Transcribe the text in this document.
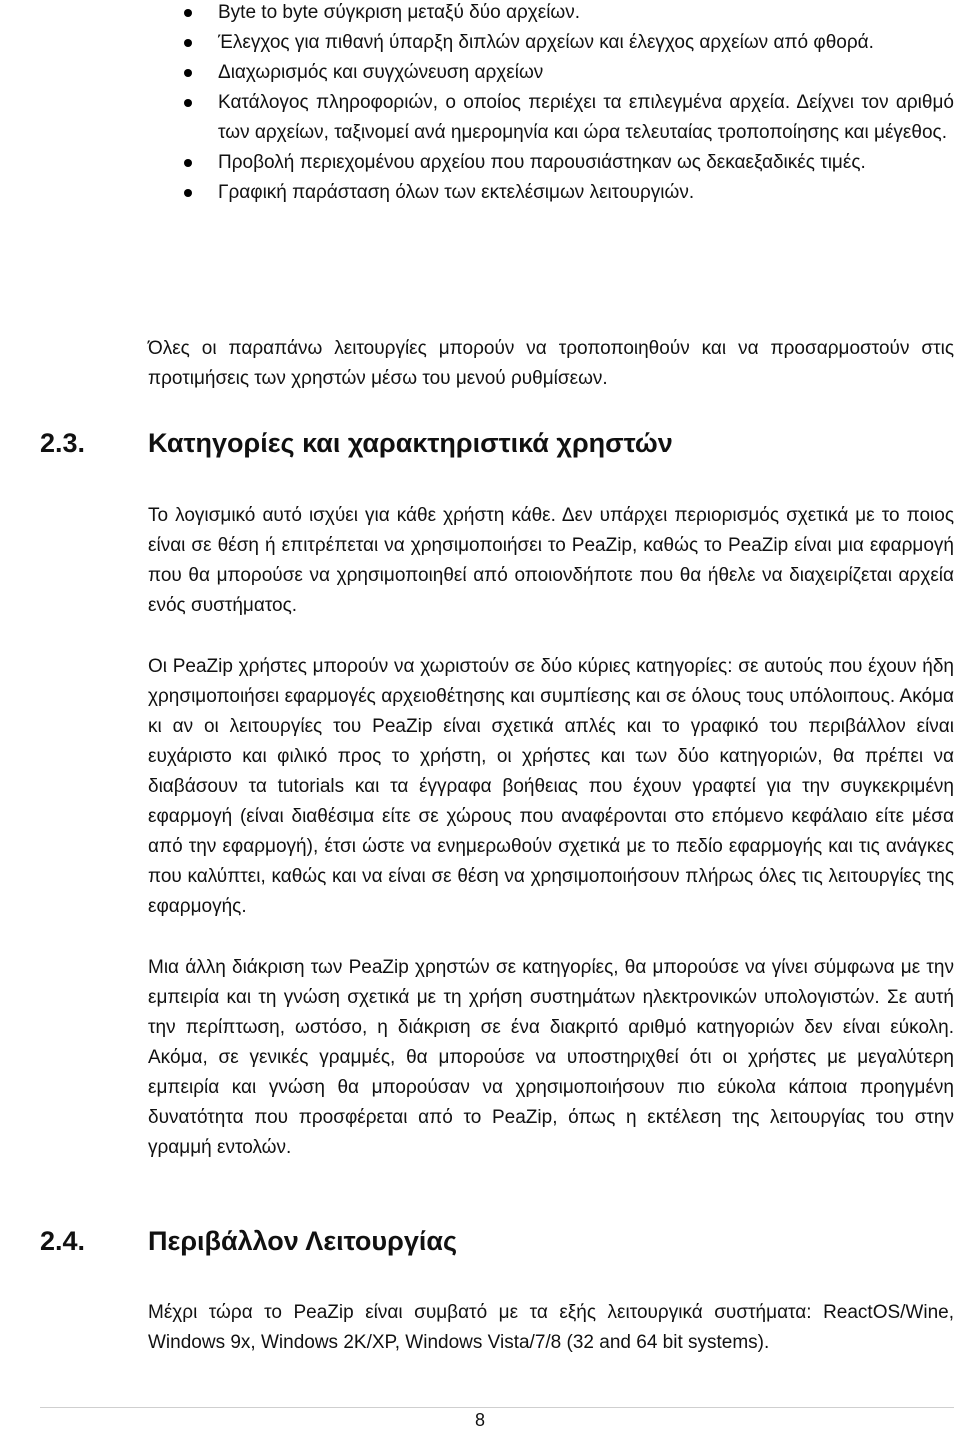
Byte to byte σύγκριση μεταξύ δύο αρχείων.
Έλεγχος για πιθανή ύπαρξη διπλών αρχείων και έλεγχος αρχείων από φθορά.
Διαχωρισμός και συγχώνευση αρχείων
Κατάλογος πληροφοριών, ο οποίος περιέχει τα επιλεγμένα αρχεία. Δείχνει τον αριθμό των αρχείων, ταξινομεί ανά ημερομηνία και ώρα τελευταίας τροποποίησης και μέγεθος.
Προβολή περιεχομένου αρχείου που παρουσιάστηκαν ως δεκαεξαδικές τιμές.
Γραφική παράσταση όλων των εκτελέσιμων λειτουργιών.

Όλες οι παραπάνω λειτουργίες μπορούν να τροποποιηθούν και να προσαρμοστούν στις προτιμήσεις των χρηστών μέσω του μενού ρυθμίσεων.

2.3. Κατηγορίες και χαρακτηριστικά χρηστών

Το λογισμικό αυτό ισχύει για κάθε χρήστη κάθε. Δεν υπάρχει περιορισμός σχετικά με το ποιος είναι σε θέση ή επιτρέπεται να χρησιμοποιήσει το PeaZip, καθώς το PeaZip είναι μια εφαρμογή που θα μπορούσε να χρησιμοποιηθεί από οποιονδήποτε που θα ήθελε να διαχειρίζεται αρχεία ενός συστήματος.

Οι PeaZip χρήστες μπορούν να χωριστούν σε δύο κύριες κατηγορίες: σε αυτούς που έχουν ήδη χρησιμοποιήσει εφαρμογές αρχειοθέτησης και συμπίεσης και σε όλους τους υπόλοιπους. Ακόμα κι αν οι λειτουργίες του PeaZip είναι σχετικά απλές και το γραφικό του περιβάλλον είναι ευχάριστο και φιλικό προς το χρήστη, οι χρήστες και των δύο κατηγοριών, θα πρέπει να διαβάσουν τα tutorials και τα έγγραφα βοήθειας που έχουν γραφτεί για την συγκεκριμένη εφαρμογή (είναι διαθέσιμα είτε σε χώρους που αναφέρονται στο επόμενο κεφάλαιο είτε μέσα από την εφαρμογή), έτσι ώστε να ενημερωθούν σχετικά με το πεδίο εφαρμογής και τις ανάγκες που καλύπτει, καθώς και να είναι σε θέση να χρησιμοποιήσουν πλήρως όλες τις λειτουργίες της εφαρμογής.

Μια άλλη διάκριση των PeaZip χρηστών σε κατηγορίες, θα μπορούσε να γίνει σύμφωνα με την εμπειρία και τη γνώση σχετικά με τη χρήση συστημάτων ηλεκτρονικών υπολογιστών. Σε αυτή την περίπτωση, ωστόσο, η διάκριση σε ένα διακριτό αριθμό κατηγοριών δεν είναι εύκολη. Ακόμα, σε γενικές γραμμές, θα μπορούσε να υποστηριχθεί ότι οι χρήστες με μεγαλύτερη εμπειρία και γνώση θα μπορούσαν να χρησιμοποιήσουν πιο εύκολα κάποια προηγμένη δυνατότητα που προσφέρεται από το PeaZip, όπως η εκτέλεση της λειτουργίας του στην γραμμή εντολών.

2.4. Περιβάλλον Λειτουργίας

Μέχρι τώρα το PeaZip είναι συμβατό με τα εξής λειτουργικά συστήματα: ReactOS/Wine, Windows 9x, Windows 2K/XP, Windows Vista/7/8 (32 and 64 bit systems).

8
